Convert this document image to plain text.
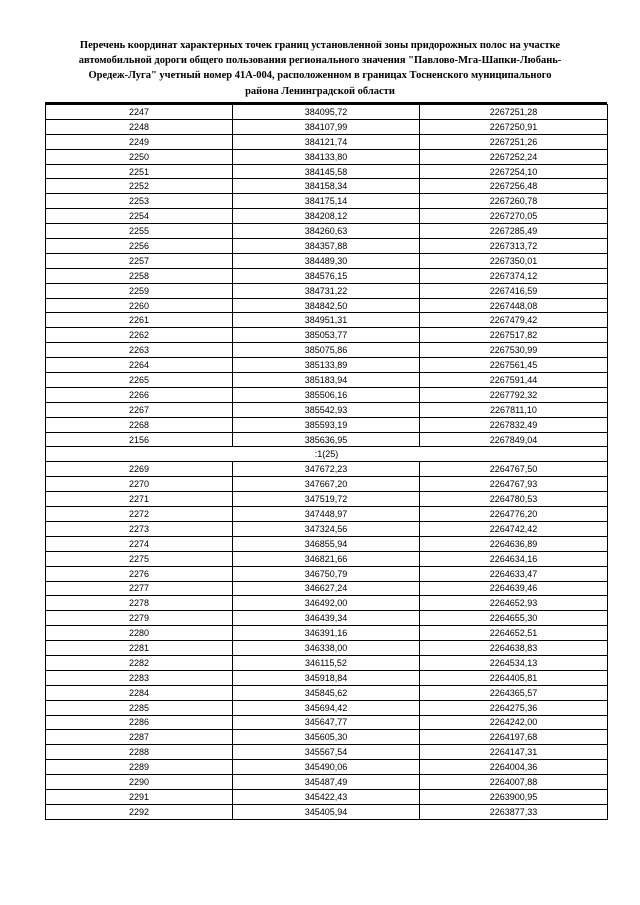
Перечень координат характерных точек границ установленной зоны придорожных полос на участке
автомобильной дороги общего пользования регионального значения "Павлово-Мга-Шапки-Любань-
Оредеж-Луга" учетный номер 41А-004, расположенном в границах Тосненского муниципального
района Ленинградской области
2247	384095,72	2267251,28
2248	384107,99	2267250,91
2249	384121,74	2267251,26
2250	384133,80	2267252,24
2251	384145,58	2267254,10
2252	384158,34	2267256,48
2253	384175,14	2267260,78
2254	384208,12	2267270,05
2255	384260,63	2267285,49
2256	384357,88	2267313,72
2257	384489,30	2267350,01
2258	384576,15	2267374,12
2259	384731,22	2267416,59
2260	384842,50	2267448,08
2261	384951,31	2267479,42
2262	385053,77	2267517,82
2263	385075,86	2267530,99
2264	385133,89	2267561,45
2265	385183,94	2267591,44
2266	385506,16	2267792,32
2267	385542,93	2267811,10
2268	385593,19	2267832,49
2156	385636,95	2267849,04
:1(25)		
2269	347672,23	2264767,50
2270	347667,20	2264767,93
2271	347519,72	2264780,53
2272	347448,97	2264776,20
2273	347324,56	2264742,42
2274	346855,94	2264636,89
2275	346821,66	2264634,16
2276	346750,79	2264633,47
2277	346627,24	2264639,46
2278	346492,00	2264652,93
2279	346439,34	2264655,30
2280	346391,16	2264652,51
2281	346338,00	2264638,83
2282	346115,52	2264534,13
2283	345918,84	2264405,81
2284	345845,62	2264365,57
2285	345694,42	2264275,36
2286	345647,77	2264242,00
2287	345605,30	2264197,68
2288	345567,54	2264147,31
2289	345490,06	2264004,36
2290	345487,49	2264007,88
2291	345422,43	2263900,95
2292	345405,94	2263877,33
